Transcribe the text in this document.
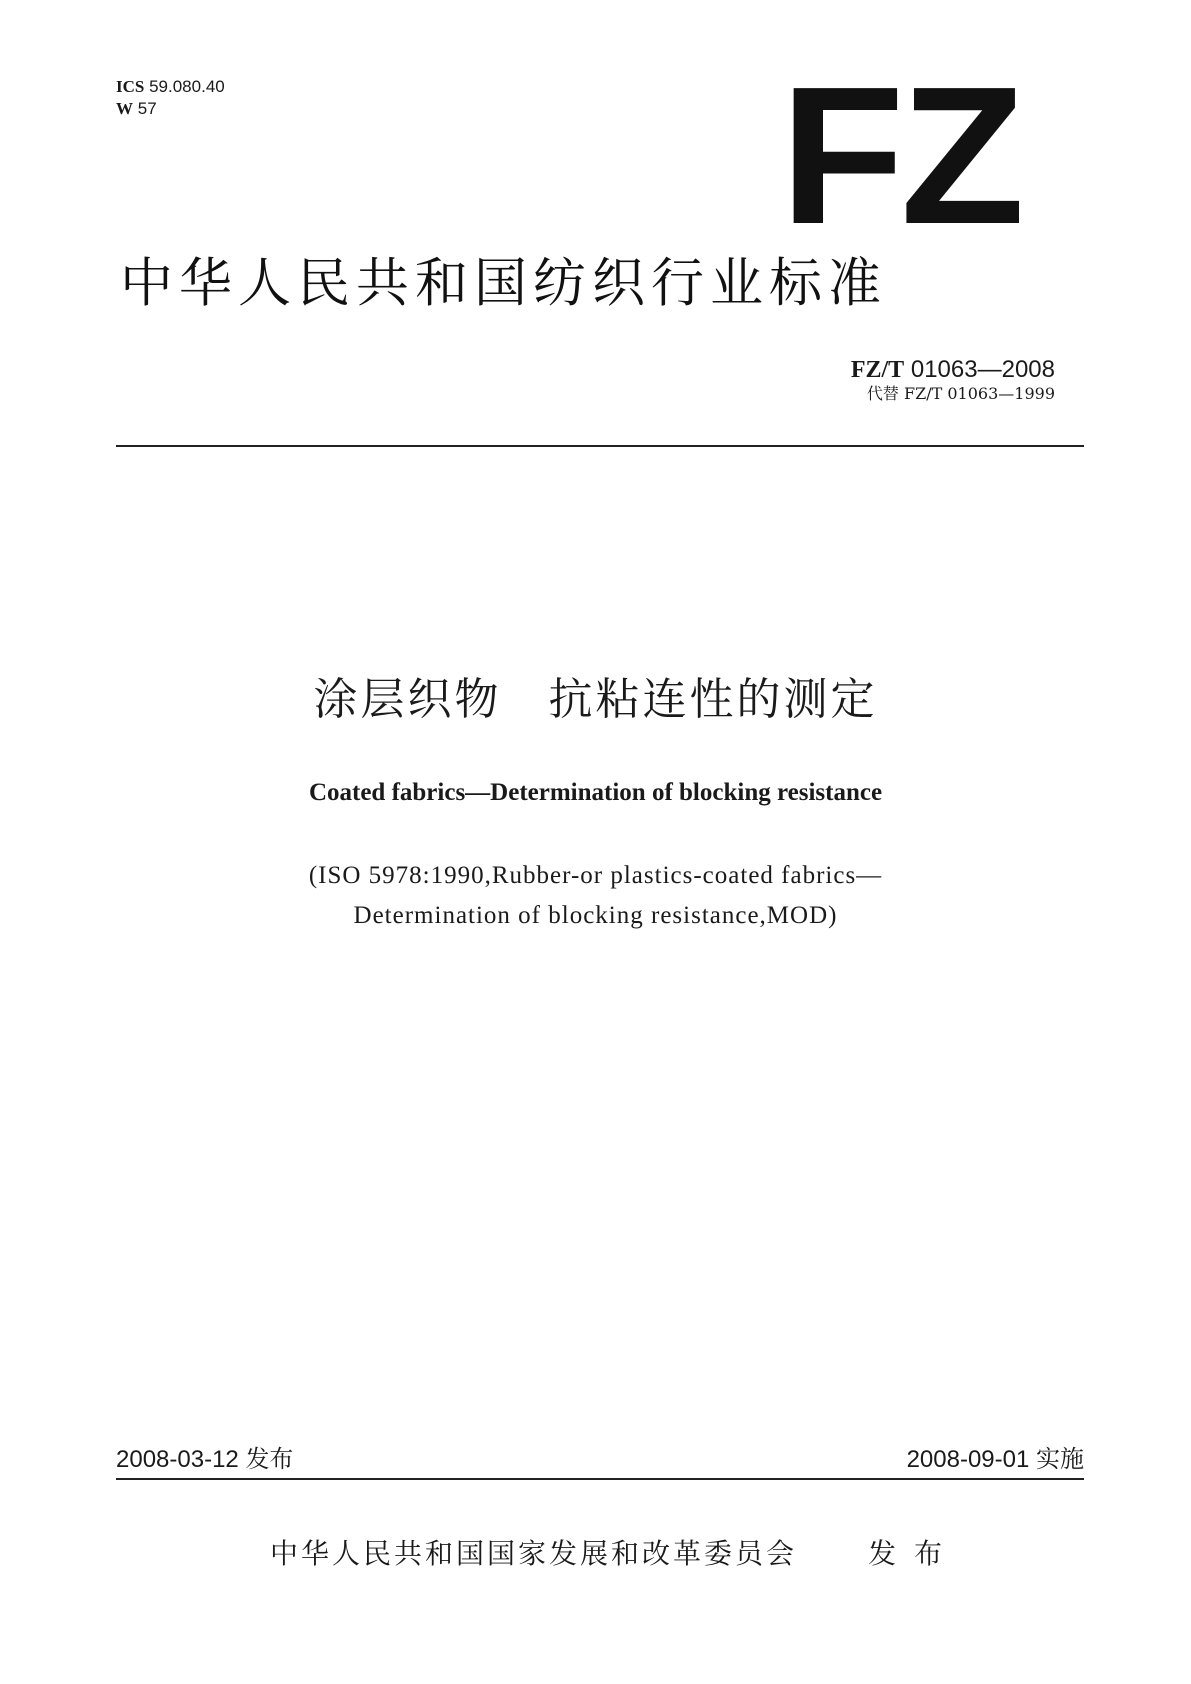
ICS 59.080.40
W 57	FZ
中华人民共和国纺织行业标准
FZ/T 01063—2008
代替 FZ/T 01063—1999
涂层织物　抗粘连性的测定
Coated fabrics—Determination of blocking resistance
(ISO 5978:1990,Rubber-or plastics-coated fabrics—
Determination of blocking resistance,MOD)
2008-03-12 发布	2008-09-01 实施
中华人民共和国国家发展和改革委员会	发布
